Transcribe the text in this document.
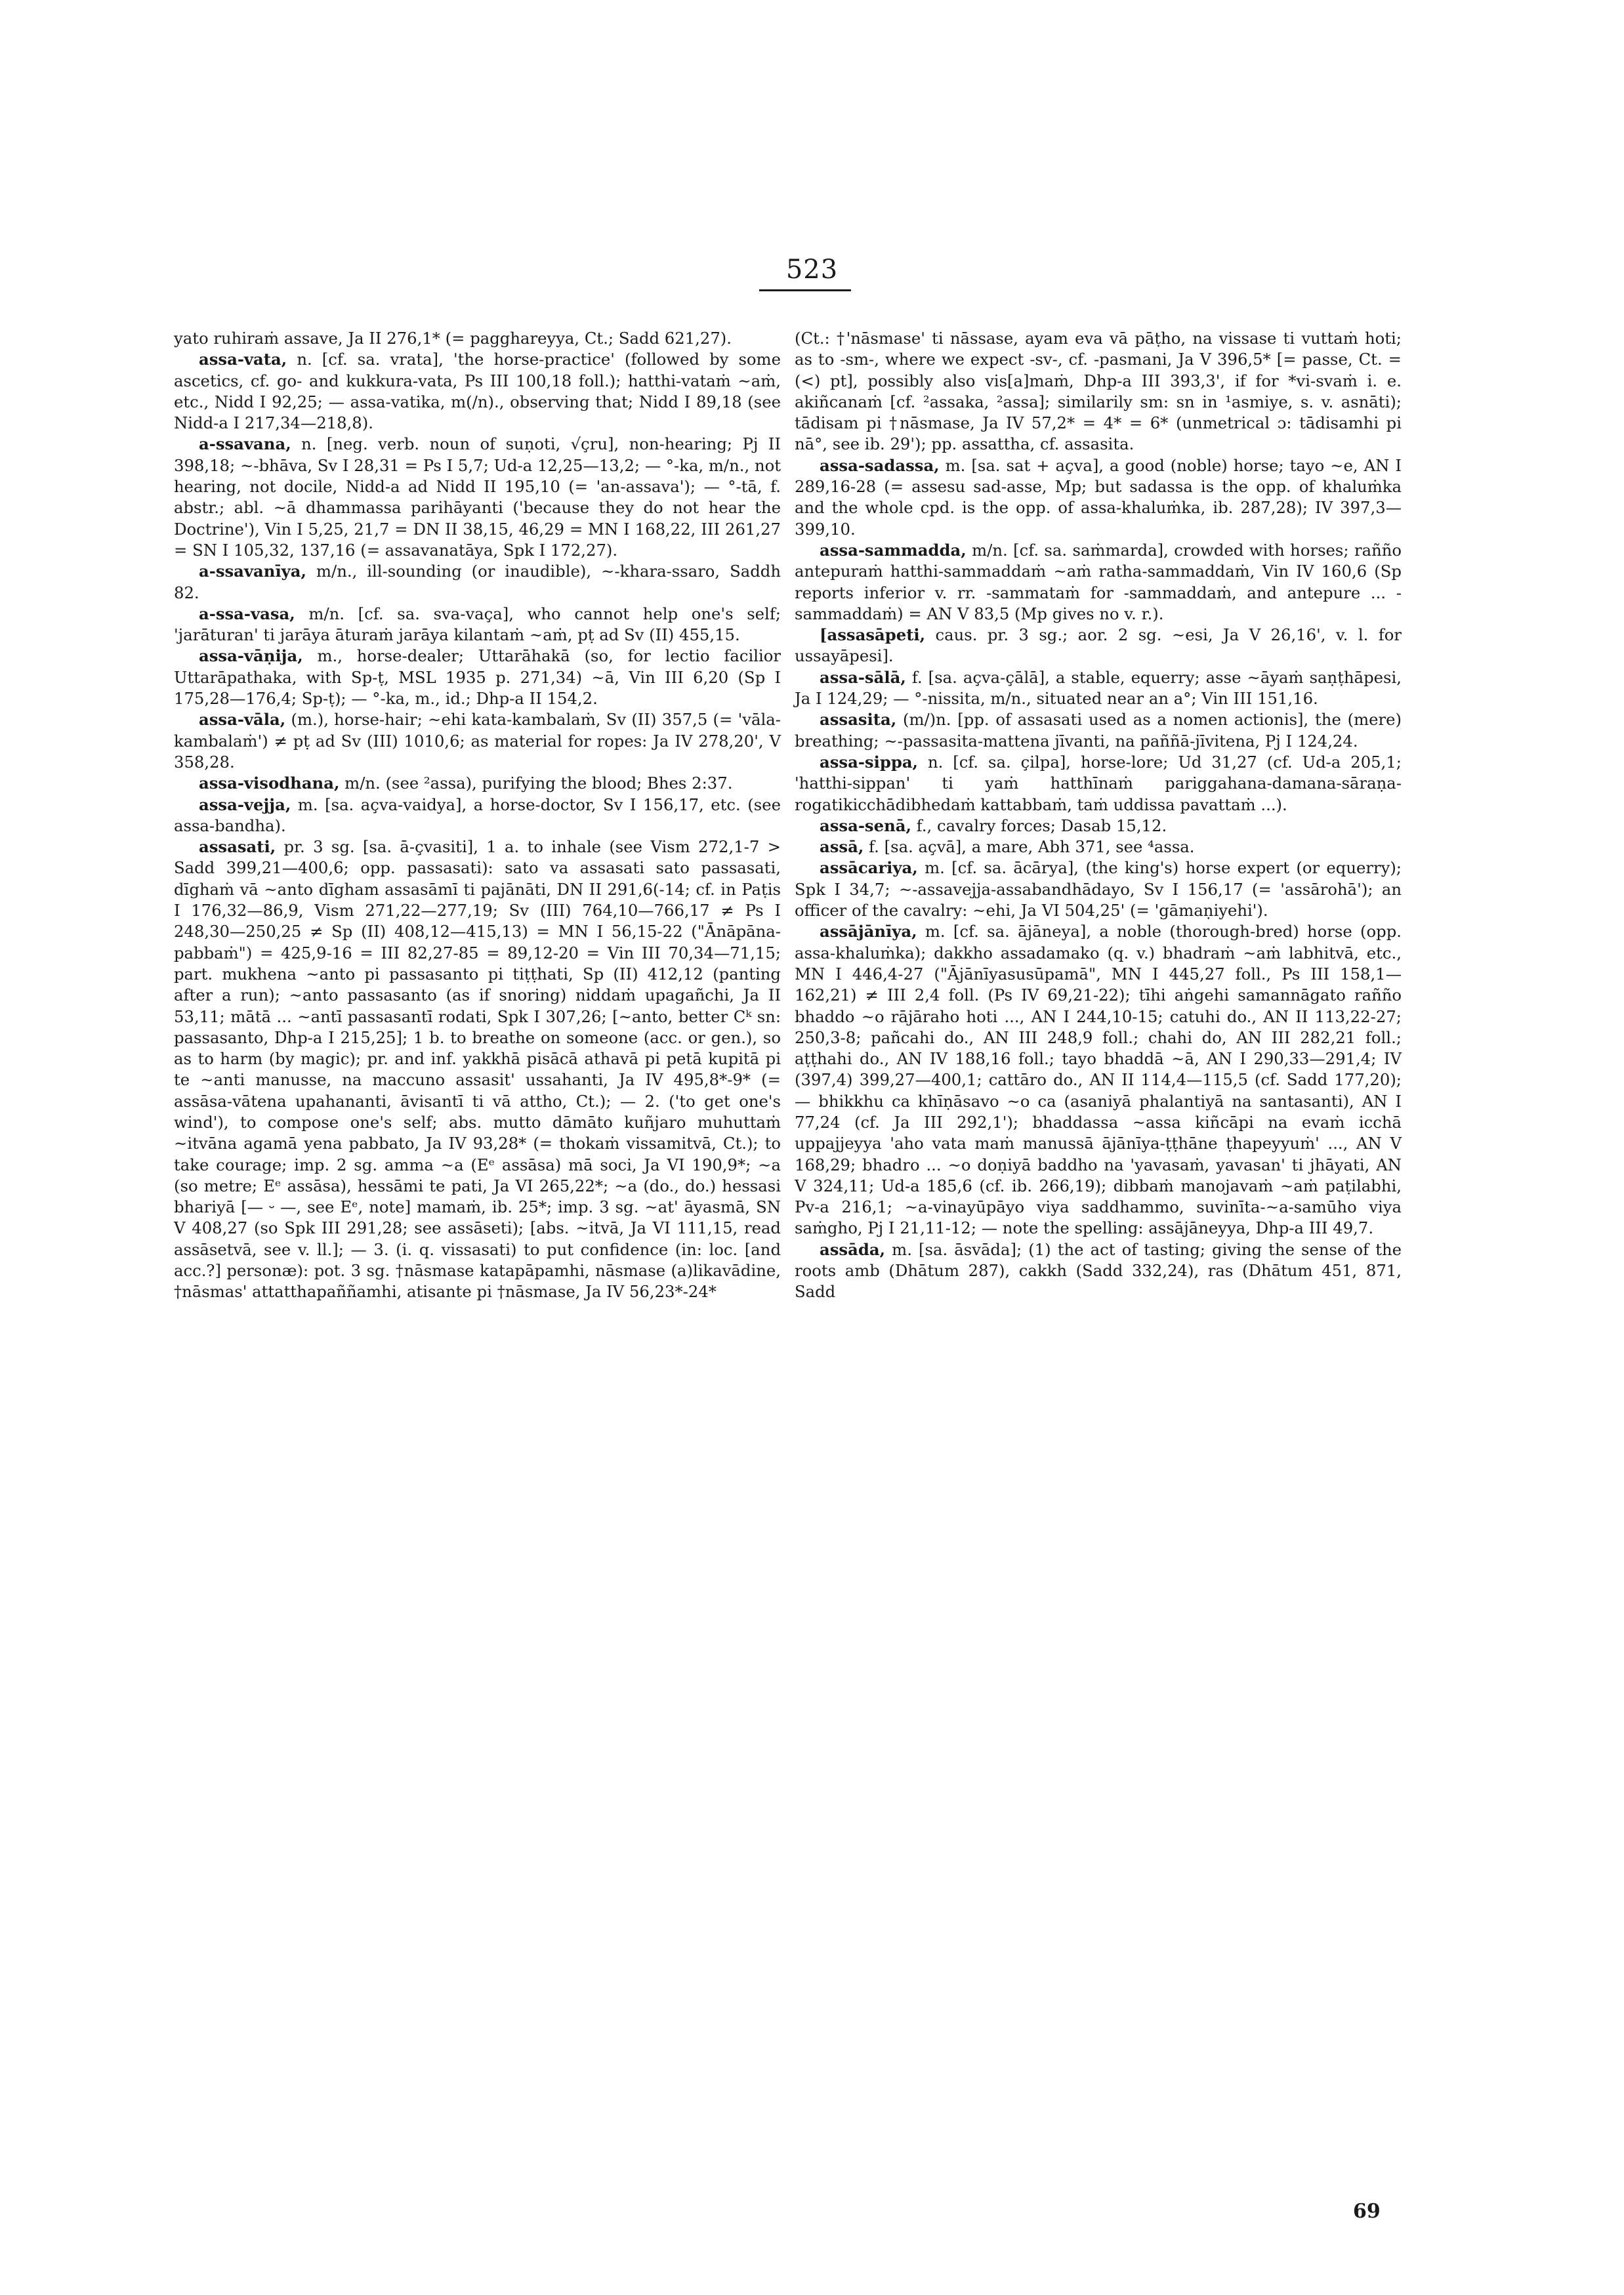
523

yato ruhiraṁ assave, Ja II 276,1* (= pagghareyya, Ct.; Sadd 621,27).

assa-vata, n. [cf. sa. vrata], 'the horse-practice' (followed by some ascetics, cf. go- and kukkura-vata, Ps III 100,18 foll.); hatthi-vataṁ ~aṁ, etc., Nidd I 92,25; — assa-vatika, m(/n)., observing that; Nidd I 89,18 (see Nidd-a I 217,34—218,8).

a-ssavana, n. [neg. verb. noun of suṇoti, √çru], non-hearing; Pj II 398,18; ~-bhāva, Sv I 28,31 = Ps I 5,7; Ud-a 12,25—13,2; — °-ka, m/n., not hearing, not docile, Nidd-a ad Nidd II 195,10 (= 'an-assava'); — °-tā, f. abstr.; abl. ~ā dhammassa parihāyanti ('because they do not hear the Doctrine'), Vin I 5,25, 21,7 = DN II 38,15, 46,29 = MN I 168,22, III 261,27 = SN I 105,32, 137,16 (= assavanatāya, Spk I 172,27).

a-ssavanīya, m/n., ill-sounding (or inaudible), ~-khara-ssaro, Saddh 82.

a-ssa-vasa, m/n. [cf. sa. sva-vaça], who cannot help one's self; 'jarāturan' ti jarāya āturaṁ jarāya kilantaṁ ~aṁ, pṭ ad Sv (II) 455,15.

assa-vāṇija, m., horse-dealer; Uttarāhakā (so, for lectio facilior Uttarāpathaka, with Sp-ṭ, MSL 1935 p. 271,34) ~ā, Vin III 6,20 (Sp I 175,28—176,4; Sp-ṭ); — °-ka, m., id.; Dhp-a II 154,2.

assa-vāla, (m.), horse-hair; ~ehi kata-kambalaṁ, Sv (II) 357,5 (= 'vāla-kambalaṁ') ≠ pṭ ad Sv (III) 1010,6; as material for ropes: Ja IV 278,20', V 358,28.

assa-visodhana, m/n. (see ²assa), purifying the blood; Bhes 2:37.

assa-vejja, m. [sa. açva-vaidya], a horse-doctor, Sv I 156,17, etc. (see assa-bandha).

assasati, pr. 3 sg. [sa. ā-çvasiti], 1 a. to inhale (see Vism 272,1-7 > Sadd 399,21—400,6; opp. passasati): sato va assasati sato passasati, dīghaṁ vā ~anto dīgham assasāmī ti pajānāti, DN II 291,6(-14; cf. in Paṭis I 176,32—86,9, Vism 271,22—277,19; Sv (III) 764,10—766,17 ≠ Ps I 248,30—250,25 ≠ Sp (II) 408,12—415,13) = MN I 56,15-22 ("Ānāpāna-pabbaṁ") = 425,9-16 = III 82,27-85 = 89,12-20 = Vin III 70,34—71,15; part. mukhena ~anto pi passasanto pi tiṭṭhati, Sp (II) 412,12 (panting after a run); ~anto passasanto (as if snoring) niddaṁ upagañchi, Ja II 53,11; mātā ... ~antī passasantī rodati, Spk I 307,26; [~anto, better Cᵏ sn: passasanto, Dhp-a I 215,25]; 1 b. to breathe on someone (acc. or gen.), so as to harm (by magic); pr. and inf. yakkhā pisācā athavā pi petā kupitā pi te ~anti manusse, na maccuno assasit' ussahanti, Ja IV 495,8*-9* (= assāsa-vātena upahananti, āvisantī ti vā attho, Ct.); — 2. ('to get one's wind'), to compose one's self; abs. mutto dāmāto kuñjaro muhuttaṁ ~itvāna agamā yena pabbato, Ja IV 93,28* (= thokaṁ vissamitvā, Ct.); to take courage; imp. 2 sg. amma ~a (Eᵉ assāsa) mā soci, Ja VI 190,9*; ~a (so metre; Eᵉ assāsa), hessāmi te pati, Ja VI 265,22*; ~a (do., do.) hessasi bhariyā [— ⏑ —, see Eᵉ, note] mamaṁ, ib. 25*; imp. 3 sg. ~at' āyasmā, SN V 408,27 (so Spk III 291,28; see assāseti); [abs. ~itvā, Ja VI 111,15, read assāsetvā, see v. ll.]; — 3. (i. q. vissasati) to put confidence (in: loc. [and acc.?] personæ): pot. 3 sg. †nāsmase katapāpamhi, nāsmase (a)likavādine, †nāsmas' attatthapaññamhi, atisante pi †nāsmase, Ja IV 56,23*-24*

(Ct.: †'nāsmase' ti nāssase, ayam eva vā pāṭho, na vissase ti vuttaṁ hoti; as to -sm-, where we expect -sv-, cf. -pasmani, Ja V 396,5* [= passe, Ct. = (<) pt], possibly also vis[a]maṁ, Dhp-a III 393,3', if for *vi-svaṁ i. e. akiñcanaṁ [cf. ²assaka, ²assa]; similarily sm: sn in ¹asmiye, s. v. asnāti); tādisam pi †nāsmase, Ja IV 57,2* = 4* = 6* (unmetrical ɔ: tādisamhi pi nā°, see ib. 29'); pp. assattha, cf. assasita.

assa-sadassa, m. [sa. sat + açva], a good (noble) horse; tayo ~e, AN I 289,16-28 (= assesu sad-asse, Mp; but sadassa is the opp. of khaluṁka and the whole cpd. is the opp. of assa-khaluṁka, ib. 287,28); IV 397,3—399,10.

assa-sammadda, m/n. [cf. sa. saṁmarda], crowded with horses; rañño antepuraṁ hatthi-sammaddaṁ ~aṁ ratha-sammaddaṁ, Vin IV 160,6 (Sp reports inferior v. rr. -sammataṁ for -sammaddaṁ, and antepure ... -sammaddaṁ) = AN V 83,5 (Mp gives no v. r.).

[assasāpeti, caus. pr. 3 sg.; aor. 2 sg. ~esi, Ja V 26,16', v. l. for ussayāpesi].

assa-sālā, f. [sa. açva-çālā], a stable, equerry; asse ~āyaṁ saṇṭhāpesi, Ja I 124,29; — °-nissita, m/n., situated near an a°; Vin III 151,16.

assasita, (m/)n. [pp. of assasati used as a nomen actionis], the (mere) breathing; ~-passasita-mattena jīvanti, na paññā-jīvitena, Pj I 124,24.

assa-sippa, n. [cf. sa. çilpa], horse-lore; Ud 31,27 (cf. Ud-a 205,1; 'hatthi-sippan' ti yaṁ hatthīnaṁ pariggahana-damana-sāraṇa-rogatikicchādibhedaṁ kattabbaṁ, taṁ uddissa pavattaṁ ...).

assa-senā, f., cavalry forces; Dasab 15,12.

assā, f. [sa. açvā], a mare, Abh 371, see ⁴assa.

assācariya, m. [cf. sa. ācārya], (the king's) horse expert (or equerry); Spk I 34,7; ~-assavejja-assabandhādayo, Sv I 156,17 (= 'assārohā'); an officer of the cavalry: ~ehi, Ja VI 504,25' (= 'gāmaṇiyehi').

assājānīya, m. [cf. sa. ājāneya], a noble (thorough-bred) horse (opp. assa-khaluṁka); dakkho assadamako (q. v.) bhadraṁ ~aṁ labhitvā, etc., MN I 446,4-27 ("Ājānīyasusūpamā", MN I 445,27 foll., Ps III 158,1—162,21) ≠ III 2,4 foll. (Ps IV 69,21-22); tīhi aṅgehi samannāgato rañño bhaddo ~o rājāraho hoti ..., AN I 244,10-15; catuhi do., AN II 113,22-27; 250,3-8; pañcahi do., AN III 248,9 foll.; chahi do, AN III 282,21 foll.; aṭṭhahi do., AN IV 188,16 foll.; tayo bhaddā ~ā, AN I 290,33—291,4; IV (397,4) 399,27—400,1; cattāro do., AN II 114,4—115,5 (cf. Sadd 177,20); — bhikkhu ca khīṇāsavo ~o ca (asaniyā phalantiyā na santasanti), AN I 77,24 (cf. Ja III 292,1'); bhaddassa ~assa kiñcāpi na evaṁ icchā uppajjeyya 'aho vata maṁ manussā ājānīya-ṭṭhāne ṭhapeyyuṁ' ..., AN V 168,29; bhadro ... ~o doṇiyā baddho na 'yavasaṁ, yavasan' ti jhāyati, AN V 324,11; Ud-a 185,6 (cf. ib. 266,19); dibbaṁ manojavaṁ ~aṁ paṭilabhi, Pv-a 216,1; ~a-vinayūpāyo viya saddhammo, suvinīta-~a-samūho viya saṁgho, Pj I 21,11-12; — note the spelling: assājāneyya, Dhp-a III 49,7.

assāda, m. [sa. āsvāda]; (1) the act of tasting; giving the sense of the roots amb (Dhātum 287), cakkh (Sadd 332,24), ras (Dhātum 451, 871, Sadd

69
